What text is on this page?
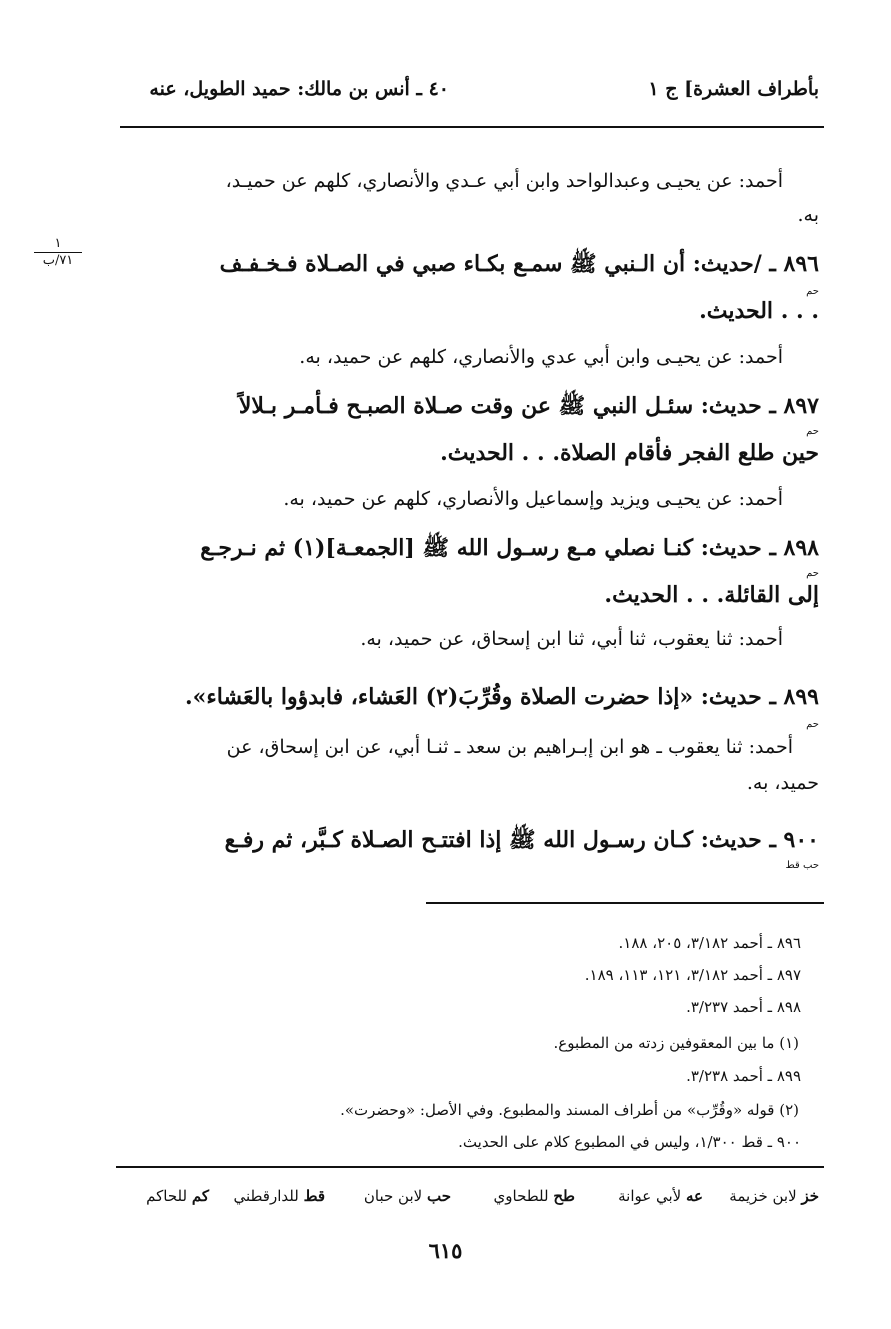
بأطراف العشرة] ج ١
٤٠ ـ أنس بن مالك: حميد الطويل، عنه
١
٧١/ب
أحمد: عن يحيـى وعبدالواحد وابن أبي عـدي والأنصاري، كلهم عن حميـد،
به.
٨٩٦ ـ /حديث: أن الـنبي ﷺ سمـع بكـاء صبي في الصـلاة فـخـفـف
حم
. . . الحديث.
أحمد: عن يحيـى وابن أبي عدي والأنصاري، كلهم عن حميد، به.
٨٩٧ ـ حديث: سئـل النبي ﷺ عن وقت صـلاة الصبـح فـأمـر بـلالاً
حم
حين طلع الفجر فأقام الصلاة. . . الحديث.
أحمد: عن يحيـى ويزيد وإسماعيل والأنصاري، كلهم عن حميد، به.
٨٩٨ ـ حديث: كنـا نصلي مـع رسـول الله ﷺ [الجمعـة](١) ثم نـرجـع
حم
إلى القائلة. . . الحديث.
أحمد: ثنا يعقوب، ثنا أبي، ثنا ابن إسحاق، عن حميد، به.
٨٩٩ ـ حديث: «إذا حضرت الصلاة وقُرِّبَ(٢) العَشاء، فابدؤوا بالعَشاء».
حم
أحمد: ثنا يعقوب ـ هو ابن إبـراهيم بن سعد ـ ثنـا أبي، عن ابن إسحاق، عن
حميد، به.
٩٠٠ ـ حديث: كـان رسـول الله ﷺ إذا افتتـح الصـلاة كـبَّر، ثم رفـع
حب قط
٨٩٦ ـ أحمد ٣/١٨٢، ٢٠٥، ١٨٨.
٨٩٧ ـ أحمد ٣/١٨٢، ١٢١، ١١٣، ١٨٩.
٨٩٨ ـ أحمد ٣/٢٣٧.
(١) ما بين المعقوفين زدته من المطبوع.
٨٩٩ ـ أحمد ٣/٢٣٨.
(٢) قوله «وقُرِّب» من أطراف المسند والمطبوع. وفي الأصل: «وحضرت».
٩٠٠ ـ قط ١/٣٠٠، وليس في المطبوع كلام على الحديث.
خز لابن خزيمة
عه لأبي عوانة
طح للطحاوي
حب لابن حبان
قط للدارقطني
كم للحاكم
٦١٥
